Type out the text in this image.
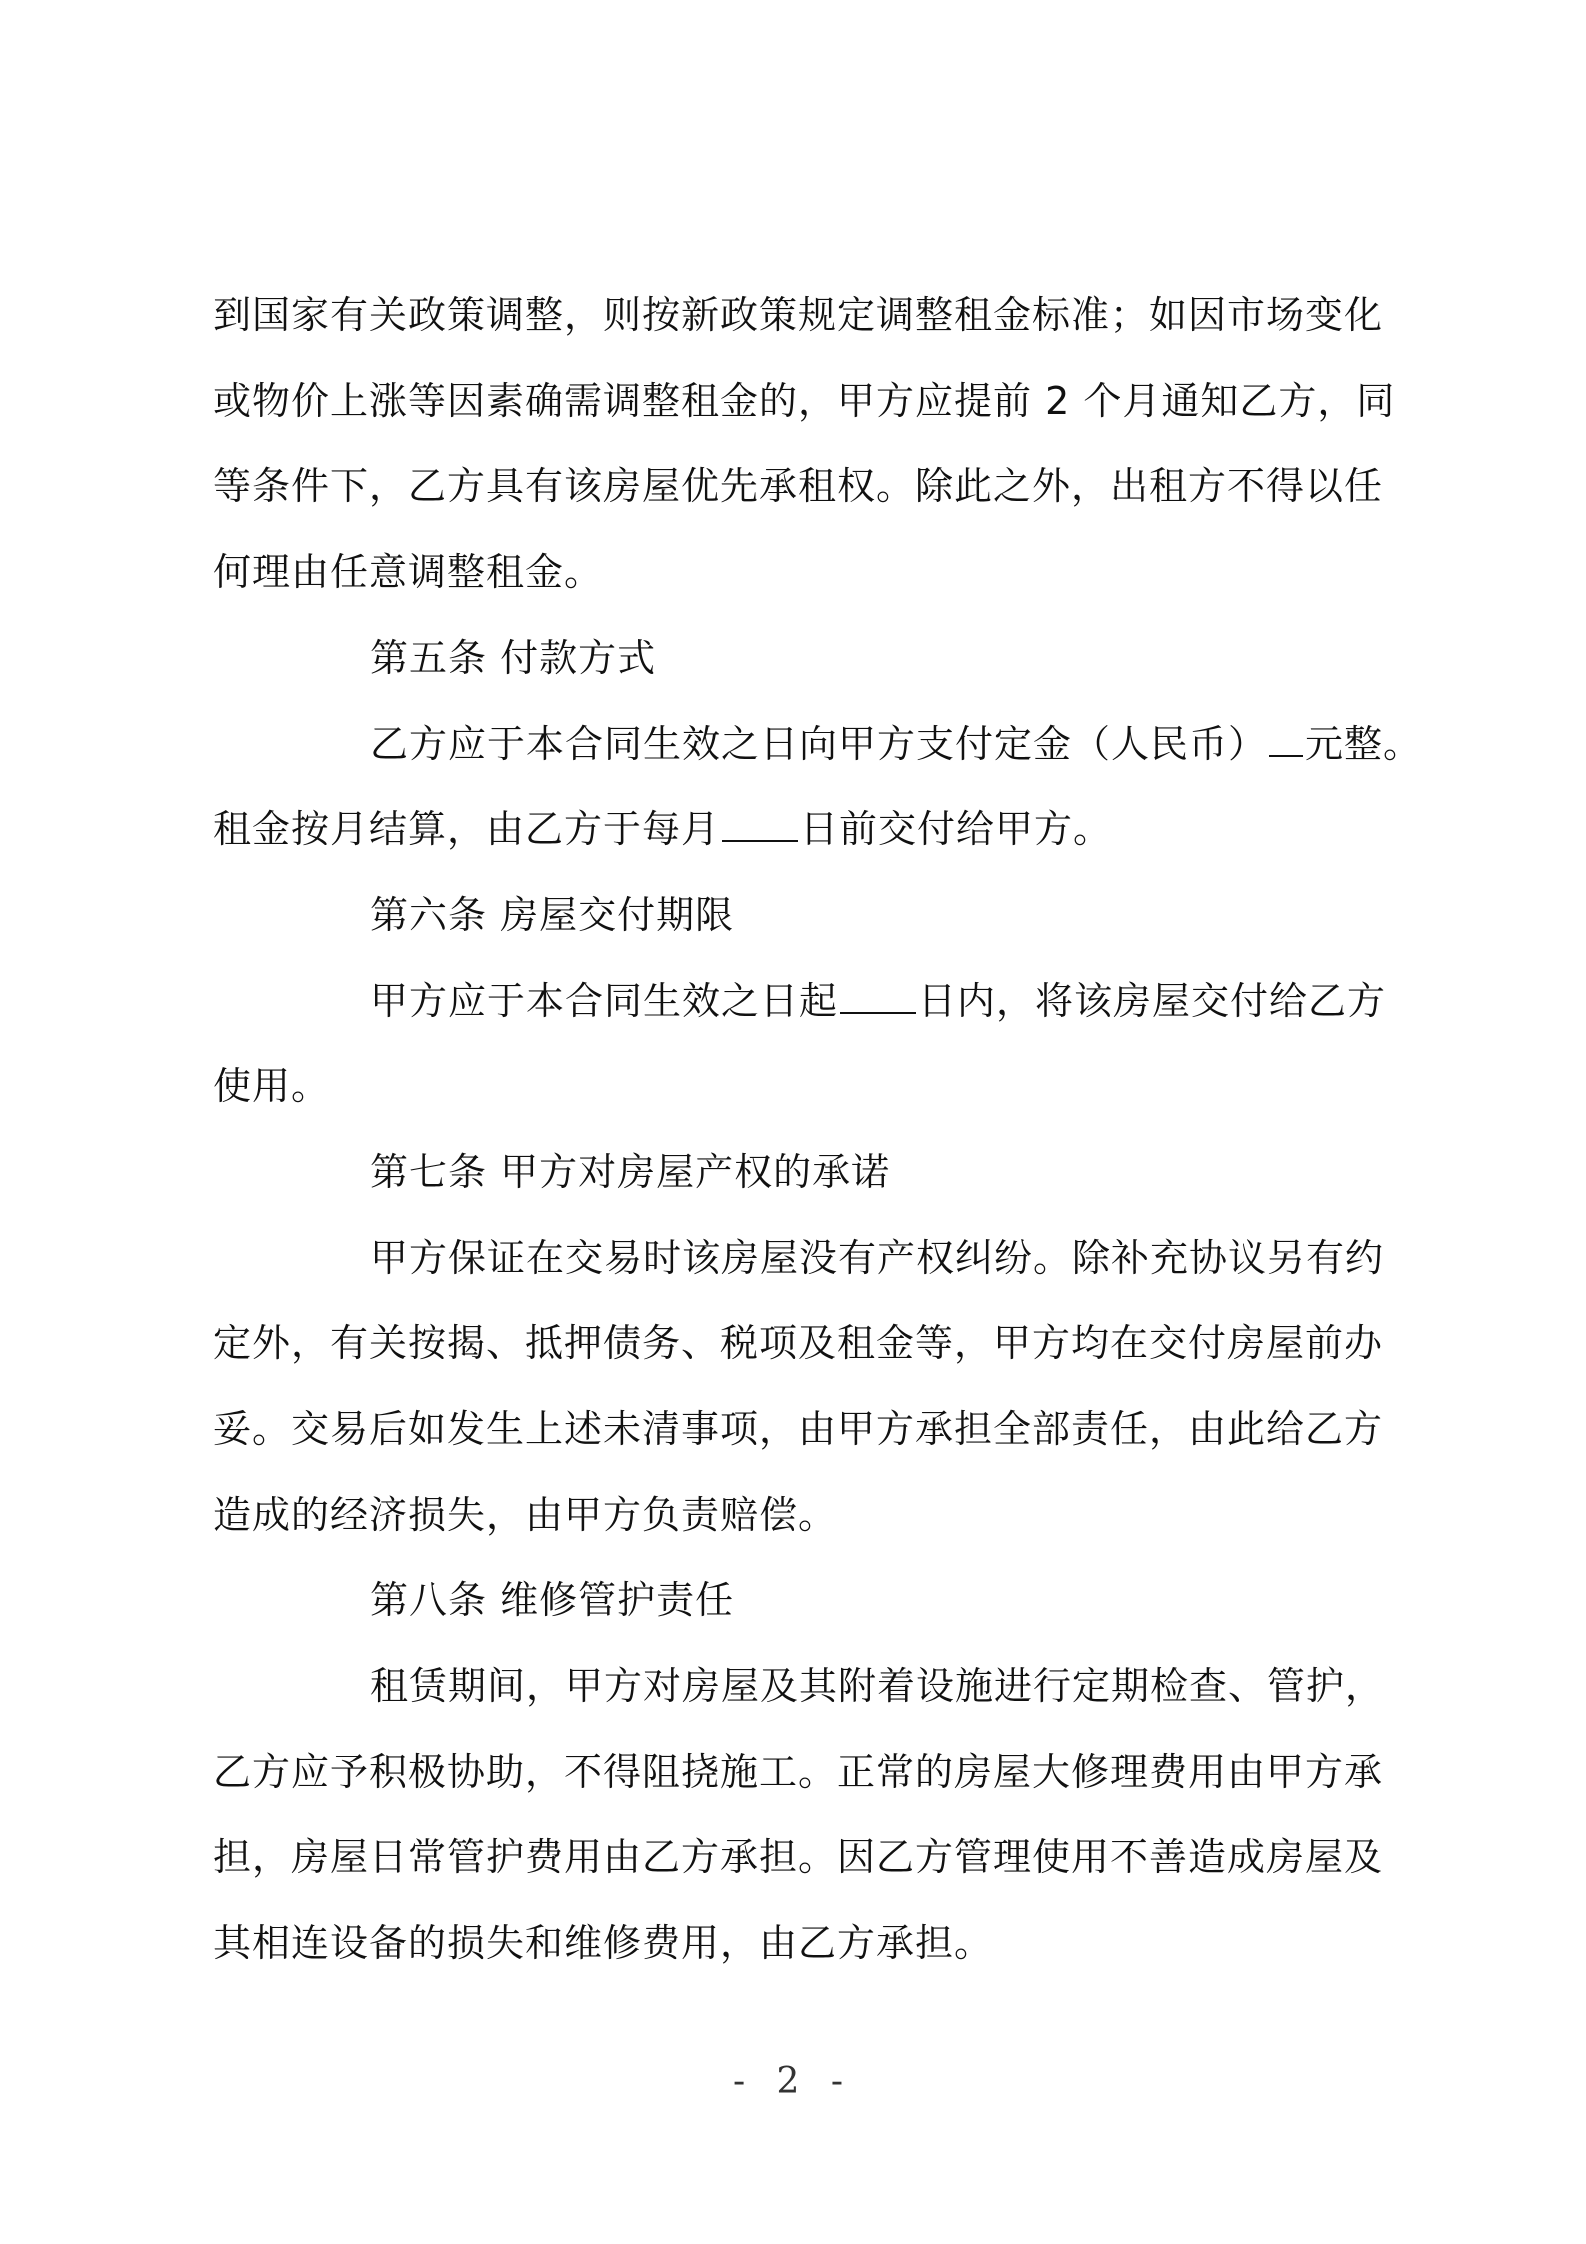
到国家有关政策调整，则按新政策规定调整租金标准；如因市场变化
或物价上涨等因素确需调整租金的，甲方应提前 2 个月通知乙方，同
等条件下，乙方具有该房屋优先承租权。除此之外，出租方不得以任
何理由任意调整租金。
第五条 付款方式
乙方应于本合同生效之日向甲方支付定金（人民币） 元整。
租金按月结算，由乙方于每月 日前交付给甲方。
第六条 房屋交付期限
甲方应于本合同生效之日起 日内，将该房屋交付给乙方
使用。
第七条 甲方对房屋产权的承诺
甲方保证在交易时该房屋没有产权纠纷。除补充协议另有约
定外，有关按揭、抵押债务、税项及租金等，甲方均在交付房屋前办
妥。交易后如发生上述未清事项，由甲方承担全部责任，由此给乙方
造成的经济损失，由甲方负责赔偿。
第八条 维修管护责任
租赁期间，甲方对房屋及其附着设施进行定期检查、管护，
乙方应予积极协助，不得阻挠施工。正常的房屋大修理费用由甲方承
担，房屋日常管护费用由乙方承担。因乙方管理使用不善造成房屋及
其相连设备的损失和维修费用，由乙方承担。
- 2 -
